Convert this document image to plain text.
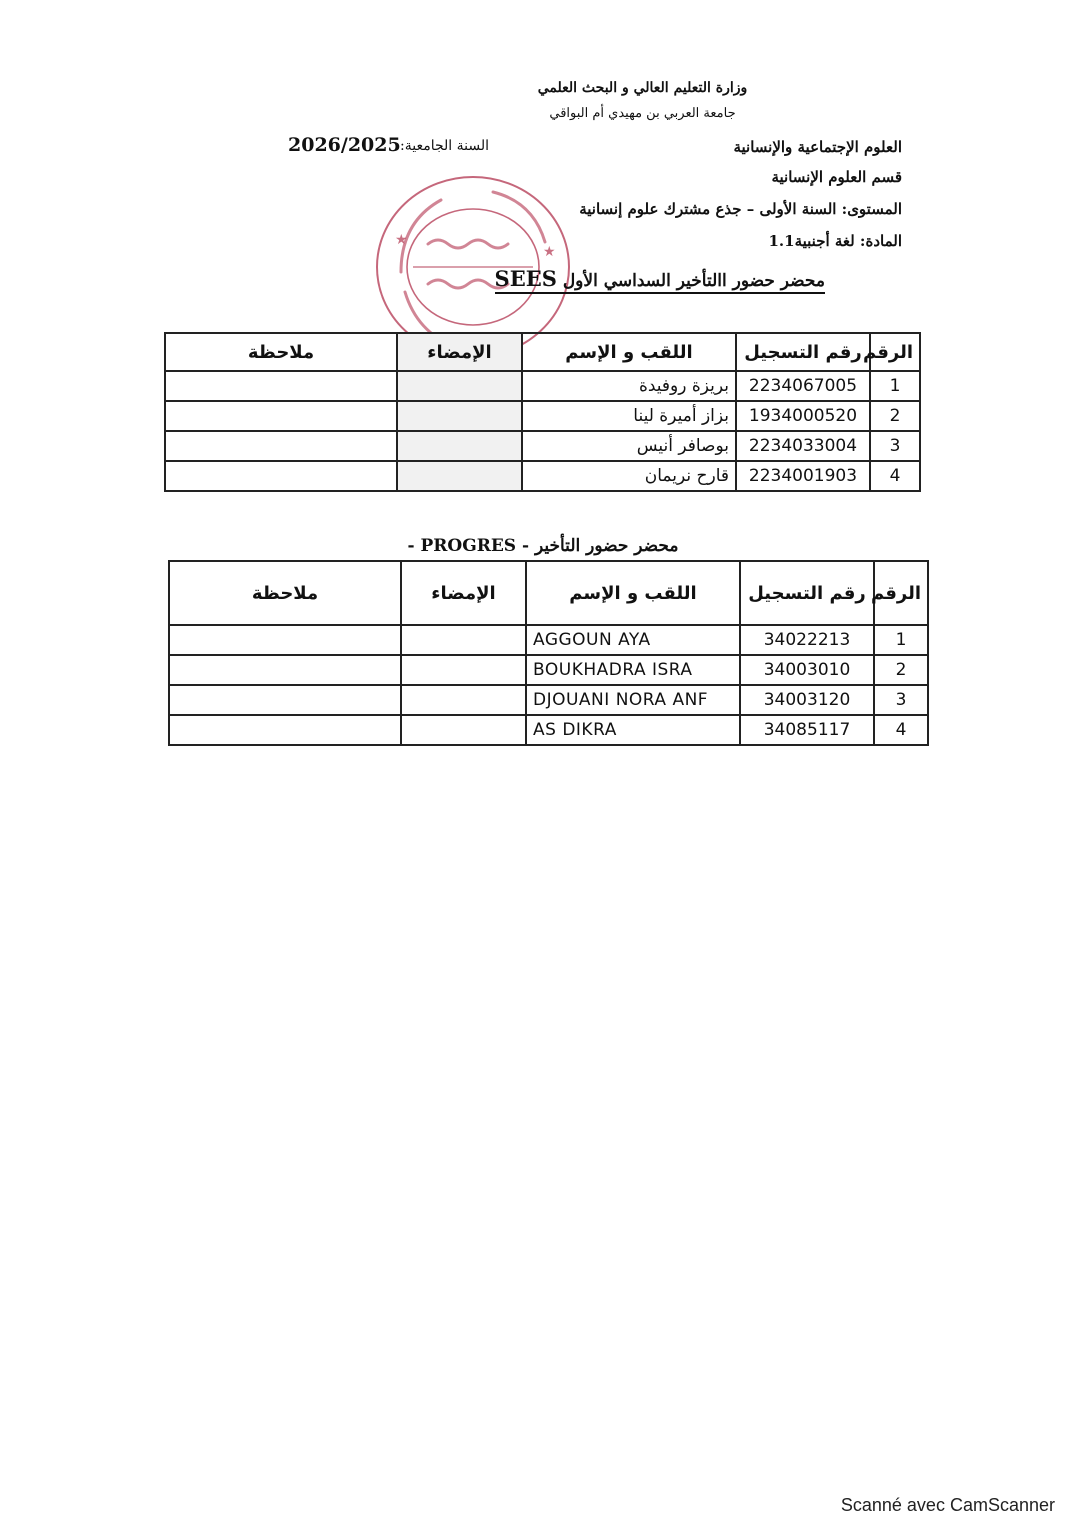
وزارة التعليم العالي و البحث العلمي
جامعة العربي بن مهيدي أم البواقي
العلوم الإجتماعية والإنسانية
السنة الجامعية:
2026/2025
قسم العلوم الإنسانية
المستوى: السنة الأولى – جذع مشترك علوم إنسانية
المادة: لغة أجنبية1.1
★
★
محضر حضور االتأخير السداسي الأول SEES
الرقم	رقم التسجيل	اللقب و الإسم	الإمضاء	ملاحظة
1	2234067005	بريزة روفيدة		
2	1934000520	بزاز أميرة لينا		
3	2234033004	بوصافر أنيس		
4	2234001903	قارح نريمان		
محضر حضور التأخير - PROGRES -
الرقم	رقم التسجيل	اللقب و الإسم	الإمضاء	ملاحظة
1	34022213	AGGOUN AYA		
2	34003010	BOUKHADRA ISRA		
3	34003120	DJOUANI NORA ANF		
4	34085117	AS DIKRA		
Scanné avec CamScanner
